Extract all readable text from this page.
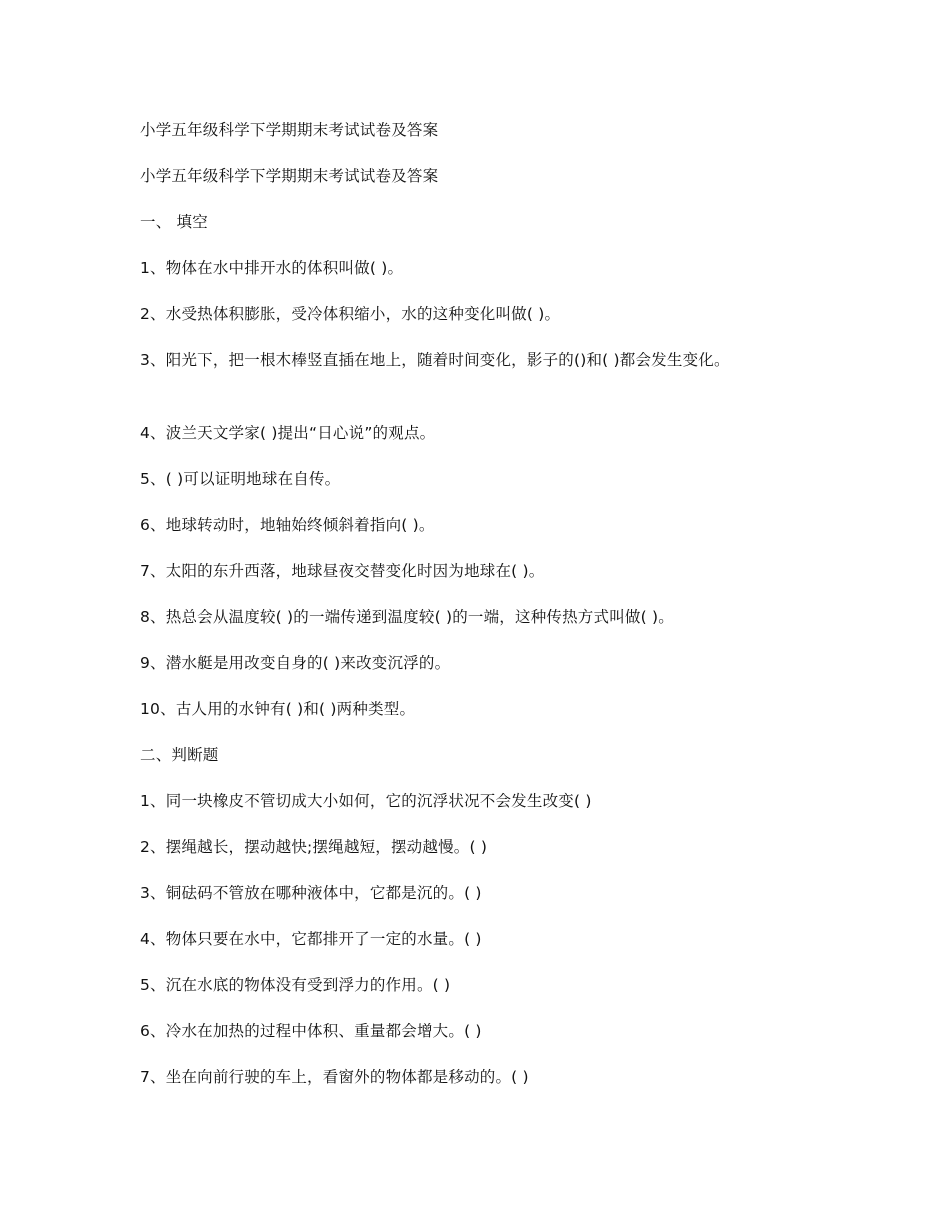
小学五年级科学下学期期末考试试卷及答案
小学五年级科学下学期期末考试试卷及答案
一、 填空
1、物体在水中排开水的体积叫做( )。
2、水受热体积膨胀，受冷体积缩小，水的这种变化叫做( )。
3、阳光下，把一根木棒竖直插在地上，随着时间变化，影子的()和( )都会发生变化。
4、波兰天文学家( )提出“日心说”的观点。
5、( )可以证明地球在自传。
6、地球转动时，地轴始终倾斜着指向( )。
7、太阳的东升西落，地球昼夜交替变化时因为地球在( )。
8、热总会从温度较( )的一端传递到温度较( )的一端，这种传热方式叫做( )。
9、潜水艇是用改变自身的( )来改变沉浮的。
10、古人用的水钟有( )和( )两种类型。
二、判断题
1、同一块橡皮不管切成大小如何，它的沉浮状况不会发生改变( )
2、摆绳越长，摆动越快;摆绳越短，摆动越慢。( )
3、铜砝码不管放在哪种液体中，它都是沉的。( )
4、物体只要在水中，它都排开了一定的水量。( )
5、沉在水底的物体没有受到浮力的作用。( )
6、冷水在加热的过程中体积、重量都会增大。( )
7、坐在向前行驶的车上，看窗外的物体都是移动的。( )
